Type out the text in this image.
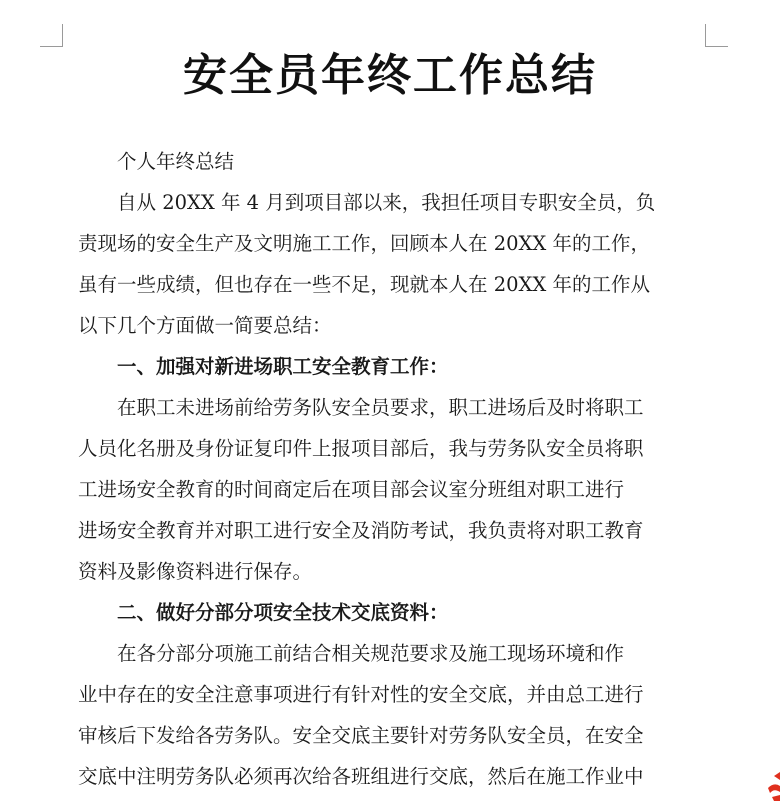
安全员年终工作总结

个人年终总结

自从 20XX 年 4 月到项目部以来，我担任项目专职安全员，负
责现场的安全生产及文明施工工作，回顾本人在 20XX 年的工作，
虽有一些成绩，但也存在一些不足，现就本人在 20XX 年的工作从
以下几个方面做一简要总结：

一、加强对新进场职工安全教育工作：

在职工未进场前给劳务队安全员要求，职工进场后及时将职工
人员化名册及身份证复印件上报项目部后，我与劳务队安全员将职
工进场安全教育的时间商定后在项目部会议室分班组对职工进行
进场安全教育并对职工进行安全及消防考试，我负责将对职工教育
资料及影像资料进行保存。

二、做好分部分项安全技术交底资料：

在各分部分项施工前结合相关规范要求及施工现场环境和作
业中存在的安全注意事项进行有针对性的安全交底，并由总工进行
审核后下发给各劳务队。安全交底主要针对劳务队安全员，在安全
交底中注明劳务队必须再次给各班组进行交底，然后在施工作业中
